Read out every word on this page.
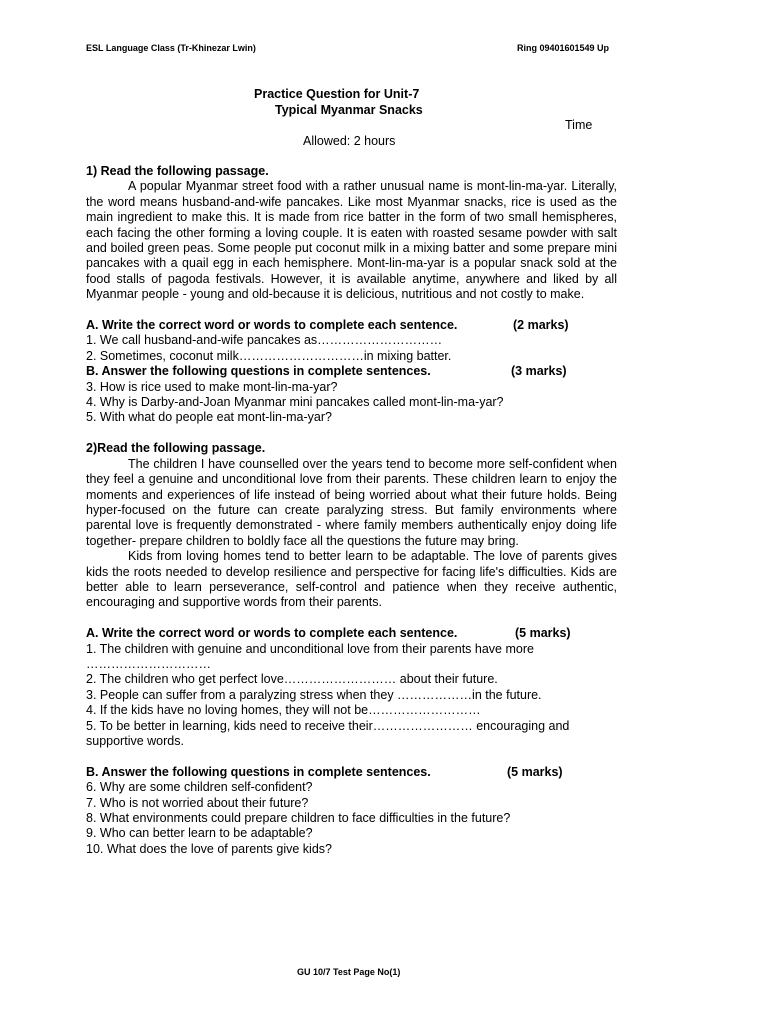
ESL Language Class (Tr-Khinezar Lwin)	Ring 09401601549 Up
Practice Question for Unit-7
Typical Myanmar Snacks
Time
Allowed: 2 hours

1) Read the following passage.

A popular Myanmar street food with a rather unusual name is mont-lin-ma-yar. Literally, the word means husband-and-wife pancakes. Like most Myanmar snacks, rice is used as the main ingredient to make this. It is made from rice batter in the form of two small hemispheres, each facing the other forming a loving couple. It is eaten with roasted sesame powder with salt and boiled green peas. Some people put coconut milk in a mixing batter and some prepare mini pancakes with a quail egg in each hemisphere. Mont-lin-ma-yar is a popular snack sold at the food stalls of pagoda festivals. However, it is available anytime, anywhere and liked by all Myanmar people - young and old-because it is delicious, nutritious and not costly to make.

A. Write the correct word or words to complete each sentence.	(2 marks)

1. We call husband-and-wife pancakes as…………………………

2. Sometimes, coconut milk…………………………in mixing batter.

B. Answer the following questions in complete sentences.	(3 marks)

3. How is rice used to make mont-lin-ma-yar?

4. Why is Darby-and-Joan Myanmar mini pancakes called mont-lin-ma-yar?

5. With what do people eat mont-lin-ma-yar?

2)Read the following passage.

The children I have counselled over the years tend to become more self-confident when they feel a genuine and unconditional love from their parents. These children learn to enjoy the moments and experiences of life instead of being worried about what their future holds. Being hyper-focused on the future can create paralyzing stress. But family environments where parental love is frequently demonstrated - where family members authentically enjoy doing life together- prepare children to boldly face all the questions the future may bring.

Kids from loving homes tend to better learn to be adaptable. The love of parents gives kids the roots needed to develop resilience and perspective for facing life's difficulties. Kids are better able to learn perseverance, self-control and patience when they receive authentic, encouraging and supportive words from their parents.

A. Write the correct word or words to complete each sentence.	(5 marks)

1. The children with genuine and unconditional love from their parents have more …………………………

2. The children who get perfect love……………………… about their future.

3. People can suffer from a paralyzing stress when they ………………in the future.

4. If the kids have no loving homes, they will not be………………………

5. To be better in learning, kids need to receive their…………………… encouraging and supportive words.

B. Answer the following questions in complete sentences.	(5 marks)

6. Why are some children self-confident?

7. Who is not worried about their future?

8. What environments could prepare children to face difficulties in the future?

9. Who can better learn to be adaptable?

10. What does the love of parents give kids?

GU 10/7 Test Page No(1)
